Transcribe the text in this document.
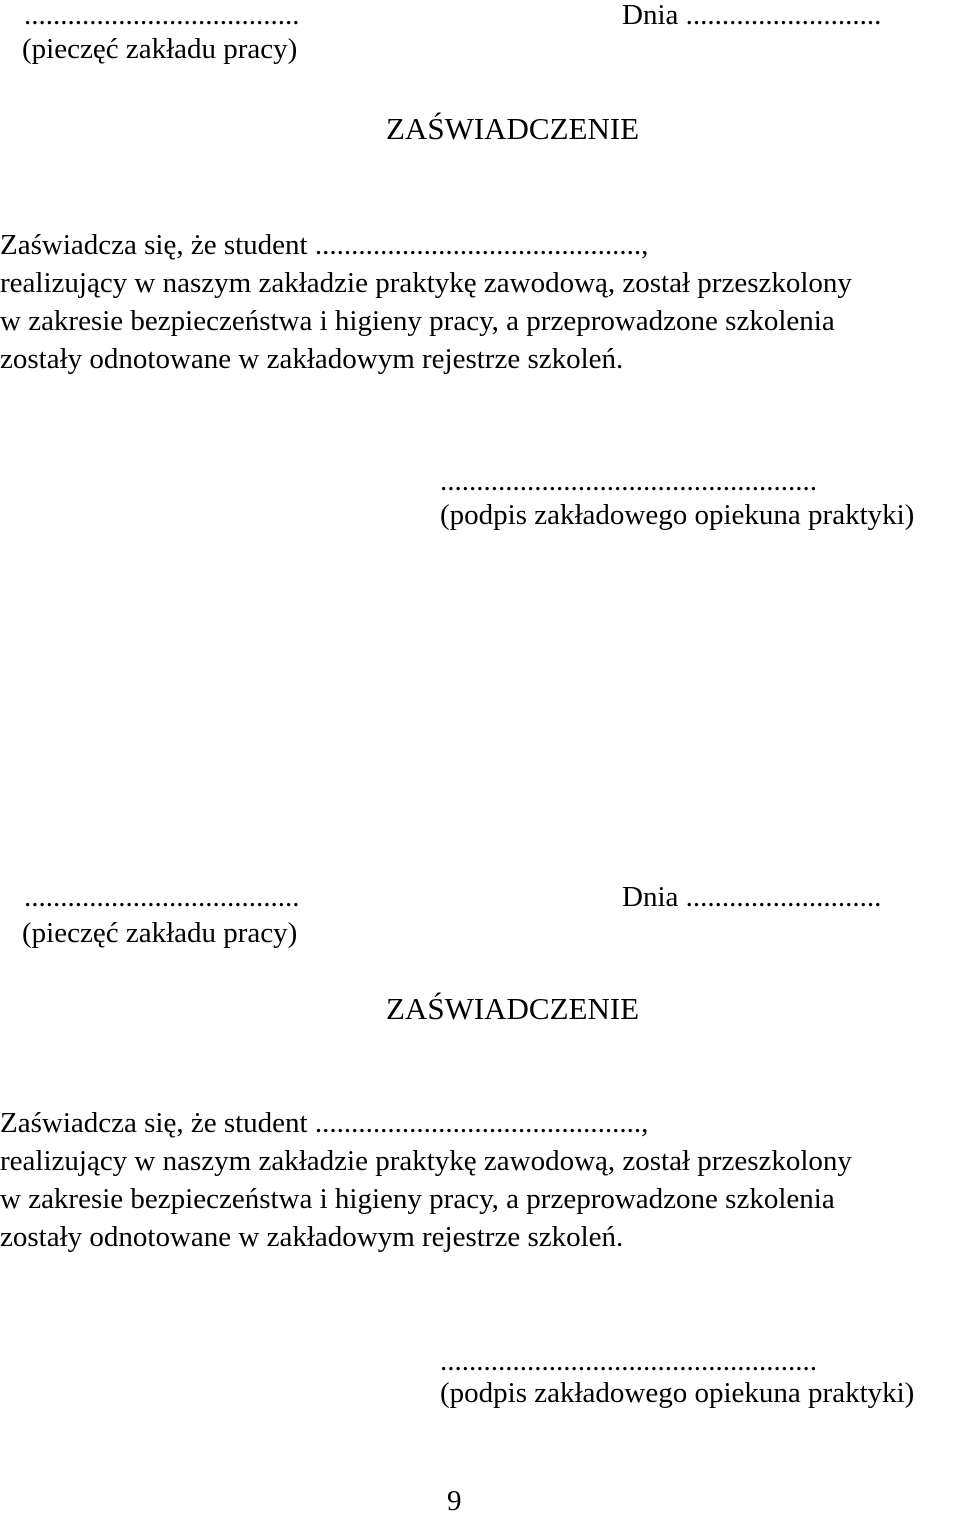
......................................	Dnia ...........................
(pieczęć zakładu pracy)
ZAŚWIADCZENIE
Zaświadcza się, że student .............................................,
realizujący w naszym zakładzie praktykę zawodową, został przeszkolony
w zakresie bezpieczeństwa i higieny pracy, a przeprowadzone szkolenia
zostały odnotowane w zakładowym rejestrze szkoleń.
....................................................
(podpis zakładowego opiekuna praktyki)
......................................	Dnia ...........................
(pieczęć zakładu pracy)
ZAŚWIADCZENIE
Zaświadcza się, że student .............................................,
realizujący w naszym zakładzie praktykę zawodową, został przeszkolony
w zakresie bezpieczeństwa i higieny pracy, a przeprowadzone szkolenia
zostały odnotowane w zakładowym rejestrze szkoleń.
....................................................
(podpis zakładowego opiekuna praktyki)
9
